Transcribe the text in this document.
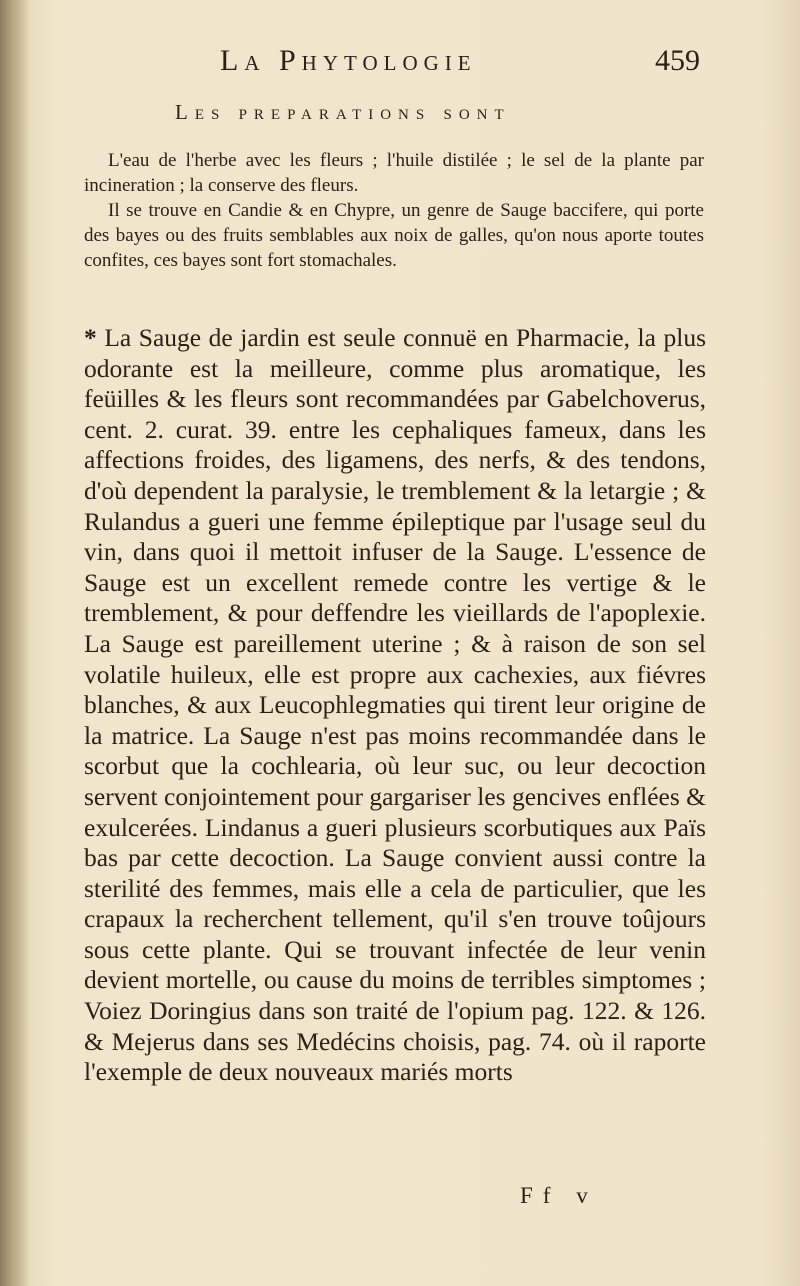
La Phytologie	459
Les preparations sont

L'eau de l'herbe avec les fleurs ; l'huile distilée ; le sel de la plante par incineration ; la conserve des fleurs.

Il se trouve en Candie & en Chypre, un genre de Sauge baccifere, qui porte des bayes ou des fruits semblables aux noix de galles, qu'on nous aporte toutes confites, ces bayes sont fort stomachales.

* La Sauge de jardin est seule connuë en Pharmacie, la plus odorante est la meilleure, comme plus aromatique, les feüilles & les fleurs sont recommandées par Gabelchoverus, cent. 2. curat. 39. entre les cephaliques fameux, dans les affections froides, des ligamens, des nerfs, & des tendons, d'où dependent la paralysie, le tremblement & la letargie ; & Rulandus a gueri une femme épileptique par l'usage seul du vin, dans quoi il mettoit infuser de la Sauge. L'essence de Sauge est un excellent remede contre les vertige & le tremblement, & pour deffendre les vieillards de l'apoplexie. La Sauge est pareillement uterine ; & à raison de son sel volatile huileux, elle est propre aux cachexies, aux fiévres blanches, & aux Leucophlegmaties qui tirent leur origine de la matrice. La Sauge n'est pas moins recommandée dans le scorbut que la cochlearia, où leur suc, ou leur decoction servent conjointement pour gargariser les gencives enflées & exulcerées. Lindanus a gueri plusieurs scorbutiques aux Païs bas par cette decoction. La Sauge convient aussi contre la sterilité des femmes, mais elle a cela de particulier, que les crapaux la recherchent tellement, qu'il s'en trouve toûjours sous cette plante. Qui se trouvant infectée de leur venin devient mortelle, ou cause du moins de terribles simptomes ; Voiez Doringius dans son traité de l'opium pag. 122. & 126. & Mejerus dans ses Medécins choisis, pag. 74. où il raporte l'exemple de deux nouveaux mariés morts

Ff v
